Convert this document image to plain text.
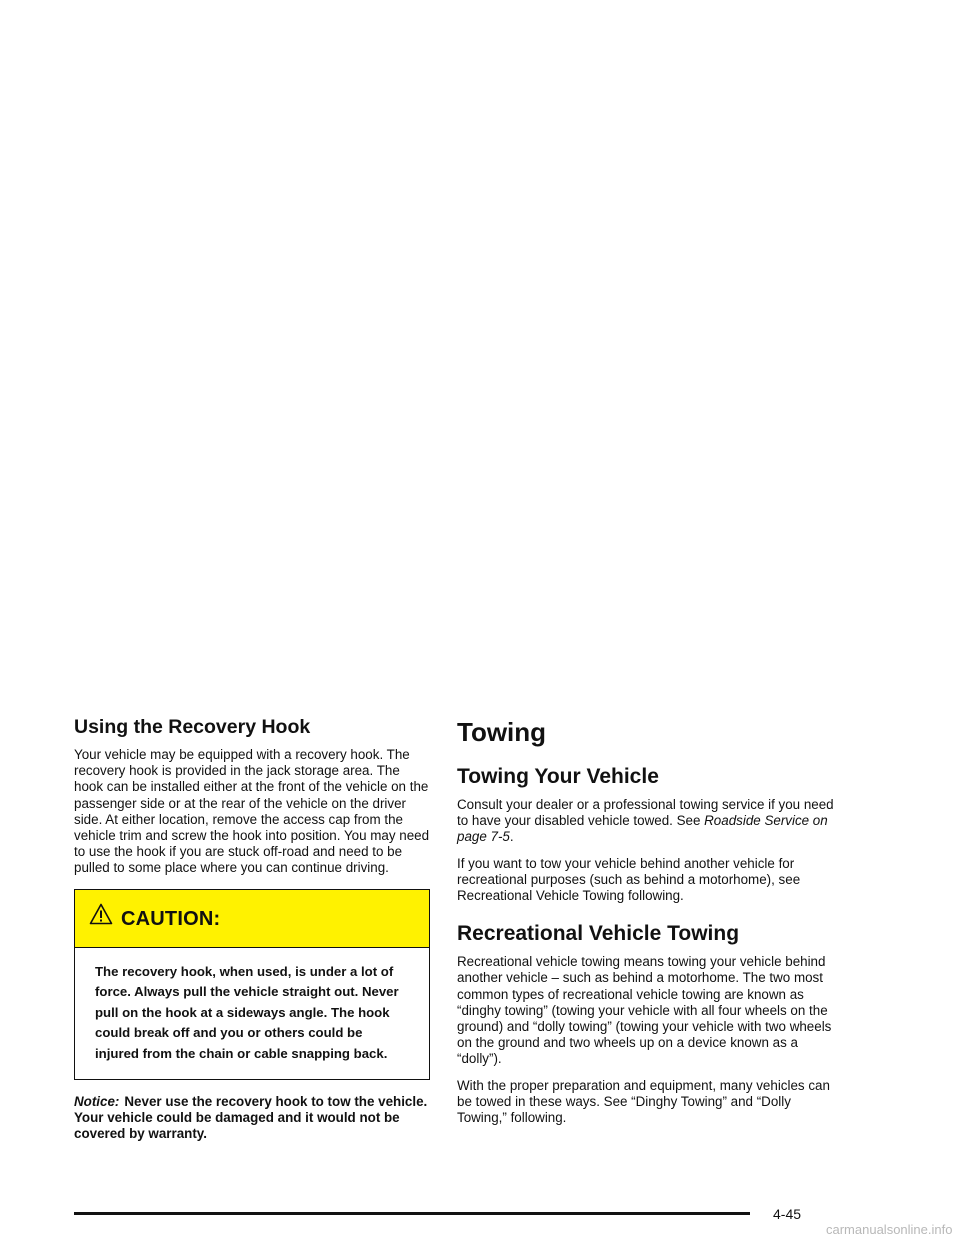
Using the Recovery Hook

Your vehicle may be equipped with a recovery hook. The recovery hook is provided in the jack storage area. The hook can be installed either at the front of the vehicle on the passenger side or at the rear of the vehicle on the driver side. At either location, remove the access cap from the vehicle trim and screw the hook into position. You may need to use the hook if you are stuck off-road and need to be pulled to some place where you can continue driving.

CAUTION:
The recovery hook, when used, is under a lot of force. Always pull the vehicle straight out. Never pull on the hook at a sideways angle. The hook could break off and you or others could be injured from the chain or cable snapping back.

Notice: Never use the recovery hook to tow the vehicle. Your vehicle could be damaged and it would not be covered by warranty.

Towing
Towing Your Vehicle

Consult your dealer or a professional towing service if you need to have your disabled vehicle towed. See Roadside Service on page 7-5.

If you want to tow your vehicle behind another vehicle for recreational purposes (such as behind a motorhome), see Recreational Vehicle Towing following.

Recreational Vehicle Towing

Recreational vehicle towing means towing your vehicle behind another vehicle – such as behind a motorhome. The two most common types of recreational vehicle towing are known as “dinghy towing” (towing your vehicle with all four wheels on the ground) and “dolly towing” (towing your vehicle with two wheels on the ground and two wheels up on a device known as a “dolly”).

With the proper preparation and equipment, many vehicles can be towed in these ways. See “Dinghy Towing” and “Dolly Towing,” following.

4-45
carmanualsonline.info
